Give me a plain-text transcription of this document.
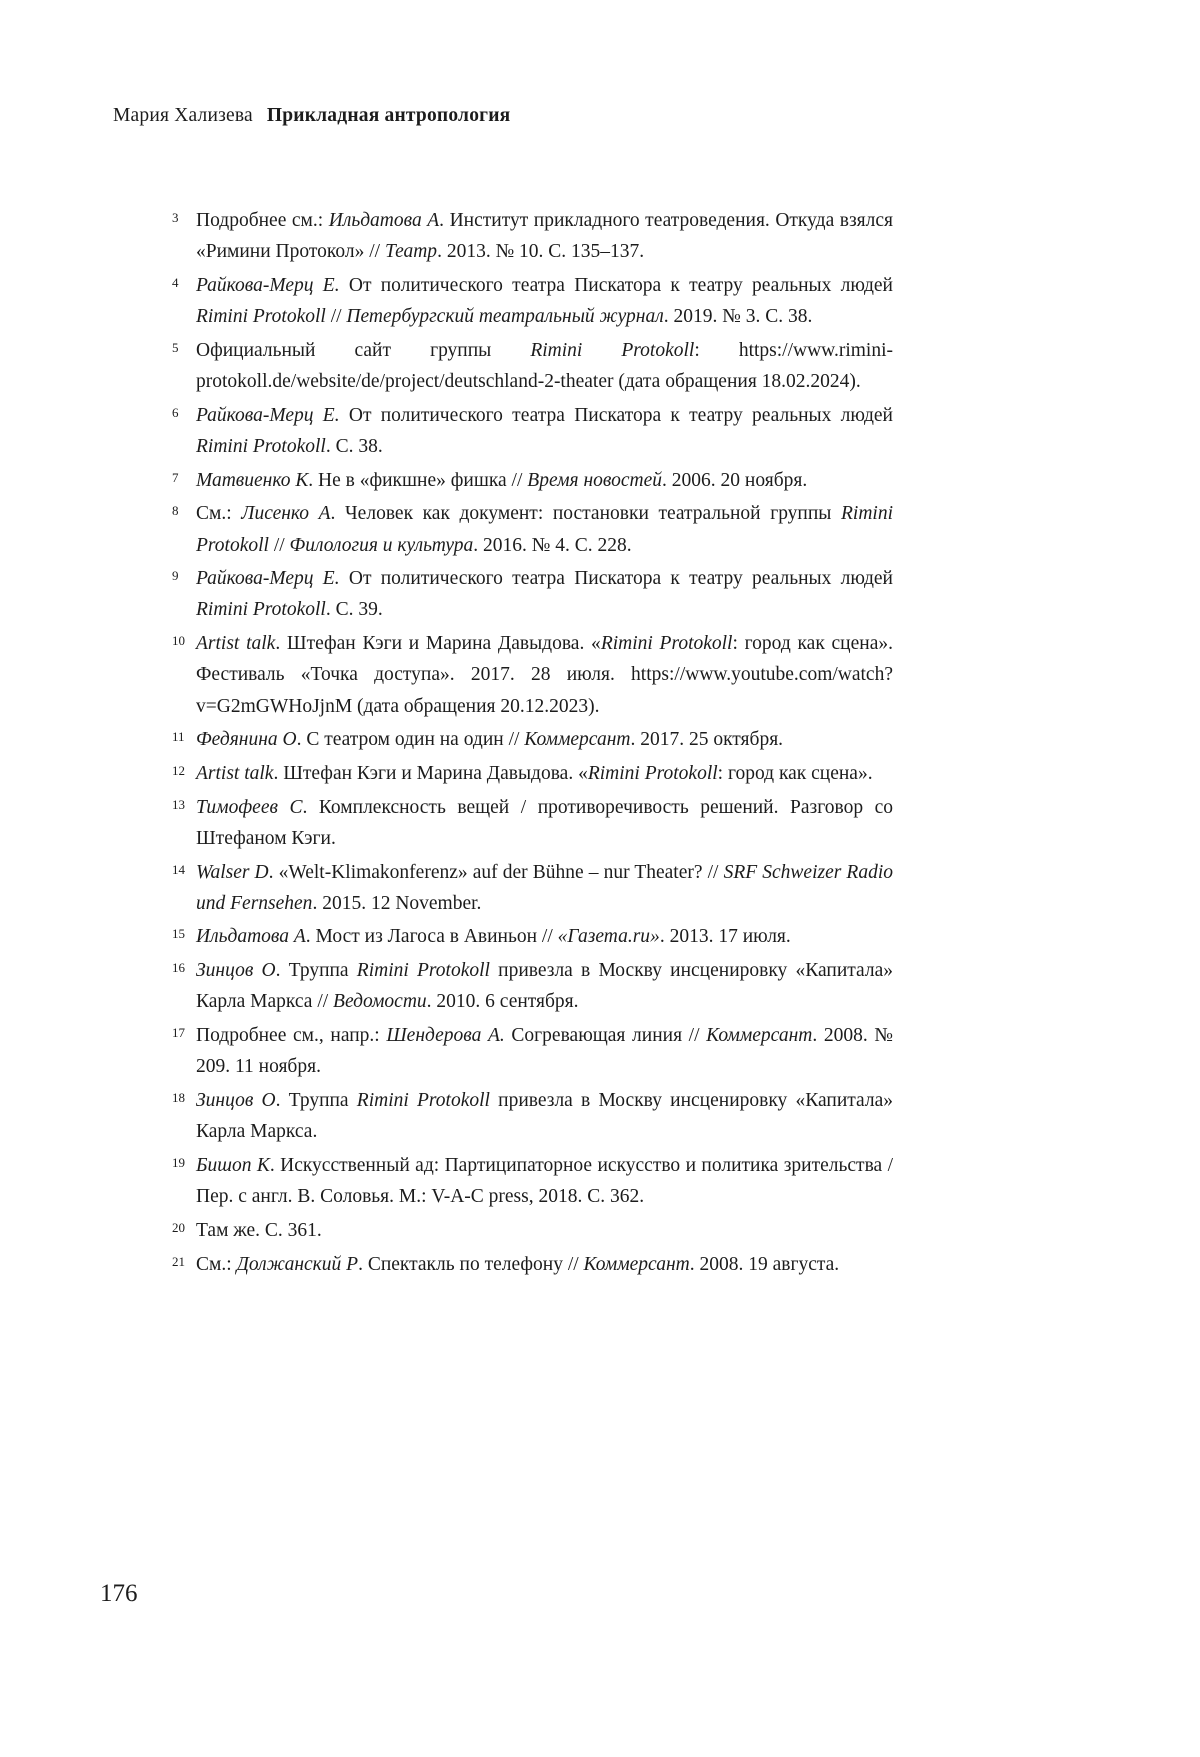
Мария Хализева Прикладная антропология
3 Подробнее см.: Ильдатова А. Институт прикладного театроведения. Откуда взялся «Римини Протокол» // Театр. 2013. № 10. С. 135–137.
4 Райкова-Мерц Е. От политического театра Пискатора к театру реальных людей Rimini Protokoll // Петербургский театральный журнал. 2019. № 3. С. 38.
5 Официальный сайт группы Rimini Protokoll: https://www.rimini-protokoll.de/website/de/project/deutschland-2-theater (дата обращения 18.02.2024).
6 Райкова-Мерц Е. От политического театра Пискатора к театру реальных людей Rimini Protokoll. С. 38.
7 Матвиенко К. Не в «фикшне» фишка // Время новостей. 2006. 20 ноября.
8 См.: Лисенко А. Человек как документ: постановки театральной группы Rimini Protokoll // Филология и культура. 2016. № 4. С. 228.
9 Райкова-Мерц Е. От политического театра Пискатора к театру реальных людей Rimini Protokoll. С. 39.
10 Artist talk. Штефан Кэги и Марина Давыдова. «Rimini Protokoll: город как сцена». Фестиваль «Точка доступа». 2017. 28 июля. https://www.youtube.com/watch?v=G2mGWHoJjnM (дата обращения 20.12.2023).
11 Федянина О. С театром один на один // Коммерсант. 2017. 25 октября.
12 Artist talk. Штефан Кэги и Марина Давыдова. «Rimini Protokoll: город как сцена».
13 Тимофеев С. Комплексность вещей / противоречивость решений. Разговор со Штефаном Кэги.
14 Walser D. «Welt-Klimakonferenz» auf der Bühne – nur Theater? // SRF Schweizer Radio und Fernsehen. 2015. 12 November.
15 Ильдатова А. Мост из Лагоса в Авиньон // «Газета.ru». 2013. 17 июля.
16 Зинцов О. Труппа Rimini Protokoll привезла в Москву инсценировку «Капитала» Карла Маркса // Ведомости. 2010. 6 сентября.
17 Подробнее см., напр.: Шендерова А. Согревающая линия // Коммерсант. 2008. № 209. 11 ноября.
18 Зинцов О. Труппа Rimini Protokoll привезла в Москву инсценировку «Капитала» Карла Маркса.
19 Бишоп К. Искусственный ад: Партиципаторное искусство и политика зрительства / Пер. с англ. В. Соловья. М.: V-A-C press, 2018. С. 362.
20 Там же. С. 361.
21 См.: Должанский Р. Спектакль по телефону // Коммерсант. 2008. 19 августа.
176
